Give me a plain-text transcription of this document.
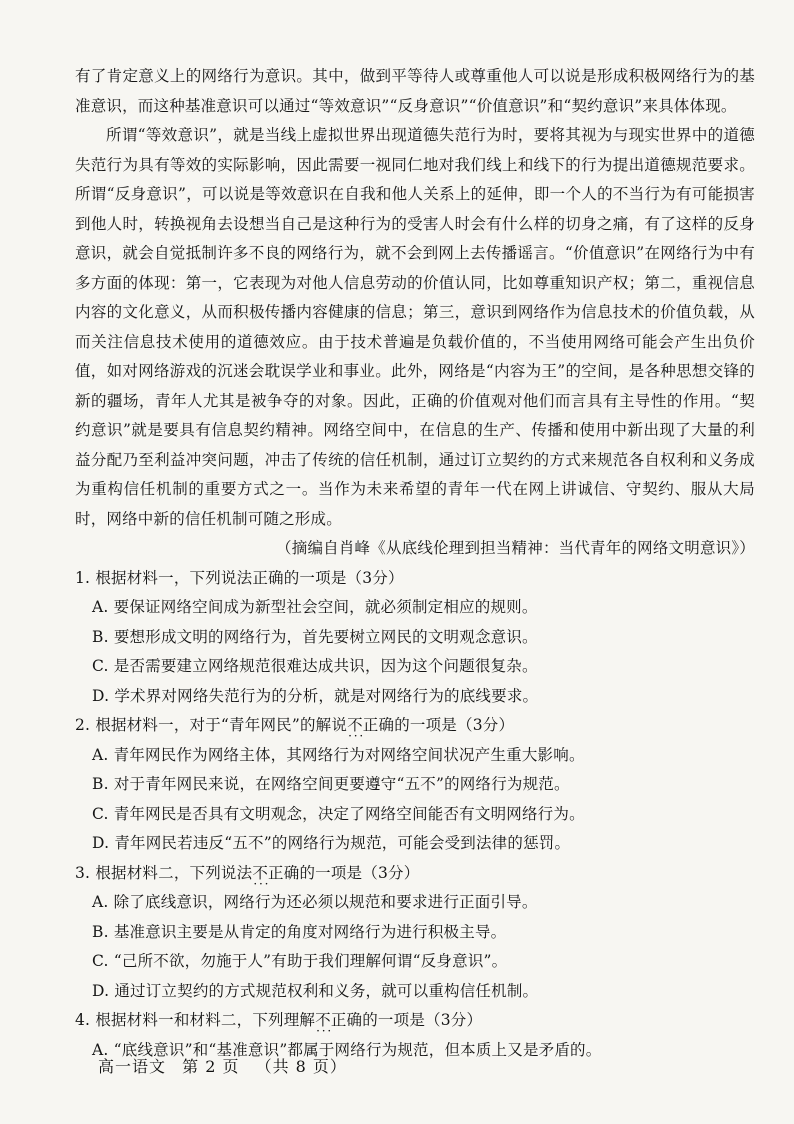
有了肯定意义上的网络行为意识。其中，做到平等待人或尊重他人可以说是形成积极网络行为的基准意识，而这种基准意识可以通过“等效意识”“反身意识”“价值意识”和“契约意识”来具体体现。

所谓“等效意识”，就是当线上虚拟世界出现道德失范行为时，要将其视为与现实世界中的道德失范行为具有等效的实际影响，因此需要一视同仁地对我们线上和线下的行为提出道德规范要求。所谓“反身意识”，可以说是等效意识在自我和他人关系上的延伸，即一个人的不当行为有可能损害到他人时，转换视角去设想当自己是这种行为的受害人时会有什么样的切身之痛，有了这样的反身意识，就会自觉抵制许多不良的网络行为，就不会到网上去传播谣言。“价值意识”在网络行为中有多方面的体现：第一，它表现为对他人信息劳动的价值认同，比如尊重知识产权；第二，重视信息内容的文化意义，从而积极传播内容健康的信息；第三，意识到网络作为信息技术的价值负载，从而关注信息技术使用的道德效应。由于技术普遍是负载价值的，不当使用网络可能会产生出负价值，如对网络游戏的沉迷会耽误学业和事业。此外，网络是“内容为王”的空间，是各种思想交锋的新的疆场，青年人尤其是被争夺的对象。因此，正确的价值观对他们而言具有主导性的作用。“契约意识”就是要具有信息契约精神。网络空间中，在信息的生产、传播和使用中新出现了大量的利益分配乃至利益冲突问题，冲击了传统的信任机制，通过订立契约的方式来规范各自权利和义务成为重构信任机制的重要方式之一。当作为未来希望的青年一代在网上讲诚信、守契约、服从大局时，网络中新的信任机制可随之形成。

（摘编自肖峰《从底线伦理到担当精神：当代青年的网络文明意识》）

1. 根据材料一，下列说法正确的一项是（3分）

A. 要保证网络空间成为新型社会空间，就必须制定相应的规则。

B. 要想形成文明的网络行为，首先要树立网民的文明观念意识。

C. 是否需要建立网络规范很难达成共识，因为这个问题很复杂。

D. 学术界对网络失范行为的分析，就是对网络行为的底线要求。

2. 根据材料一，对于“青年网民”的解说不正确 · · ·的一项是（3分）

A. 青年网民作为网络主体，其网络行为对网络空间状况产生重大影响。

B. 对于青年网民来说，在网络空间更要遵守“五不”的网络行为规范。

C. 青年网民是否具有文明观念，决定了网络空间能否有文明网络行为。

D. 青年网民若违反“五不”的网络行为规范，可能会受到法律的惩罚。

3. 根据材料二，下列说法不正确 · · ·的一项是（3分）

A. 除了底线意识，网络行为还必须以规范和要求进行正面引导。

B. 基准意识主要是从肯定的角度对网络行为进行积极主导。

C. “己所不欲，勿施于人”有助于我们理解何谓“反身意识”。

D. 通过订立契约的方式规范权利和义务，就可以重构信任机制。

4. 根据材料一和材料二，下列理解不正确 · · ·的一项是（3分）

A. “底线意识”和“基准意识”都属于网络行为规范，但本质上又是矛盾的。

高一语文 第 2 页 （共 8 页）
